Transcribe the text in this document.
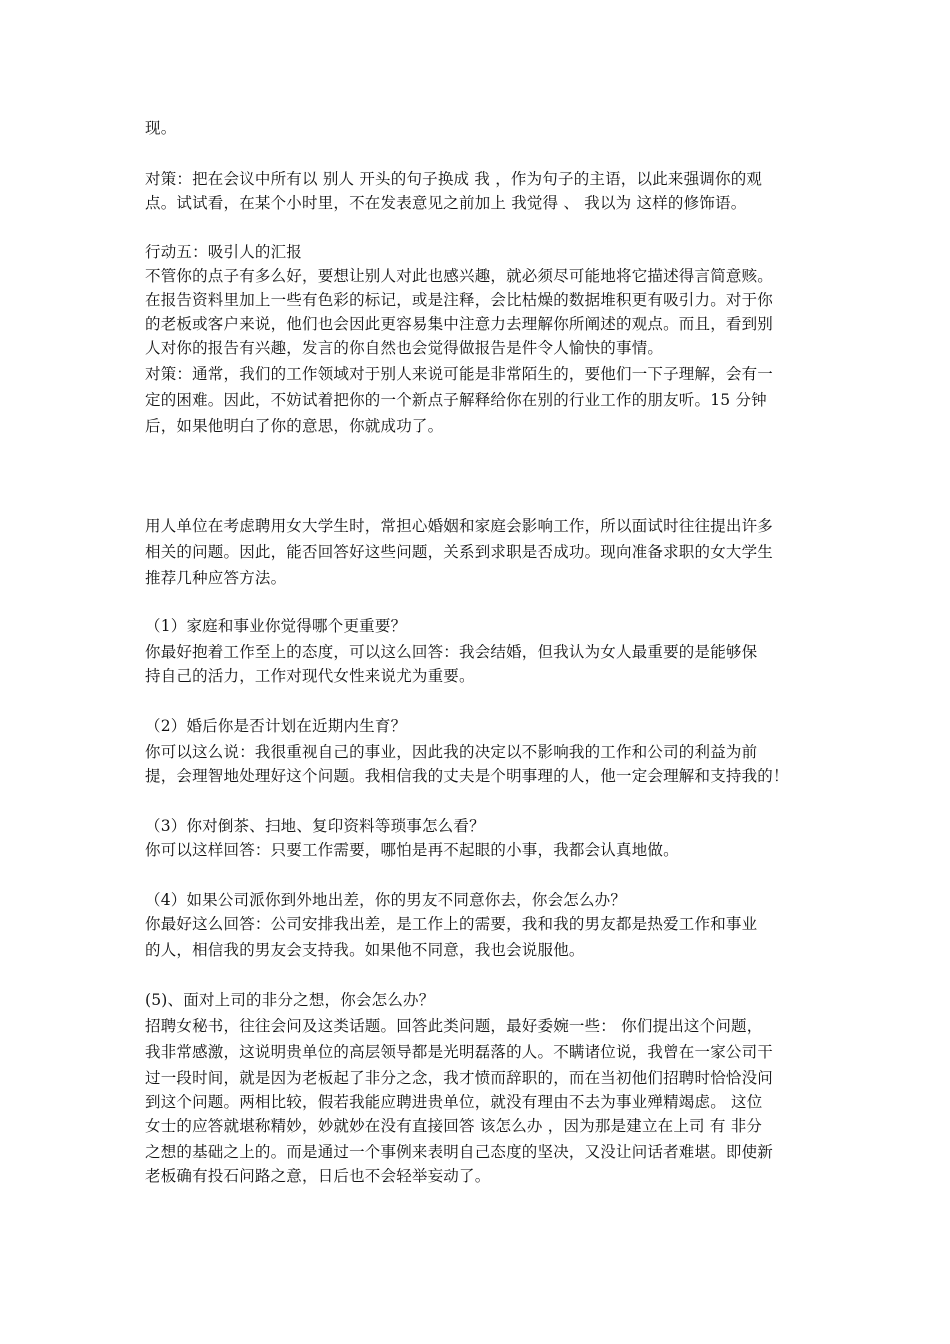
现。
对策：把在会议中所有以 别人 开头的句子换成 我 ，作为句子的主语，以此来强调你的观
点。试试看，在某个小时里，不在发表意见之前加上 我觉得 、 我以为 这样的修饰语。
行动五：吸引人的汇报
不管你的点子有多么好，要想让别人对此也感兴趣，就必须尽可能地将它描述得言简意赅。
在报告资料里加上一些有色彩的标记，或是注释，会比枯燥的数据堆积更有吸引力。对于你
的老板或客户来说，他们也会因此更容易集中注意力去理解你所阐述的观点。而且，看到别
人对你的报告有兴趣，发言的你自然也会觉得做报告是件令人愉快的事情。
对策：通常，我们的工作领域对于别人来说可能是非常陌生的，要他们一下子理解，会有一
定的困难。因此，不妨试着把你的一个新点子解释给你在别的行业工作的朋友听。15 分钟
后，如果他明白了你的意思，你就成功了。
用人单位在考虑聘用女大学生时，常担心婚姻和家庭会影响工作，所以面试时往往提出许多
相关的问题。因此，能否回答好这些问题，关系到求职是否成功。现向准备求职的女大学生
推荐几种应答方法。
（1）家庭和事业你觉得哪个更重要？
你最好抱着工作至上的态度，可以这么回答：我会结婚，但我认为女人最重要的是能够保
持自己的活力，工作对现代女性来说尤为重要。
（2）婚后你是否计划在近期内生育？
你可以这么说：我很重视自己的事业，因此我的决定以不影响我的工作和公司的利益为前
提，会理智地处理好这个问题。我相信我的丈夫是个明事理的人，他一定会理解和支持我的！
（3）你对倒茶、扫地、复印资料等琐事怎么看？
你可以这样回答：只要工作需要，哪怕是再不起眼的小事，我都会认真地做。
（4）如果公司派你到外地出差，你的男友不同意你去，你会怎么办？
你最好这么回答：公司安排我出差，是工作上的需要，我和我的男友都是热爱工作和事业
的人，相信我的男友会支持我。如果他不同意，我也会说服他。
(5)、面对上司的非分之想，你会怎么办？
招聘女秘书，往往会问及这类话题。回答此类问题，最好委婉一些： 你们提出这个问题，
我非常感激，这说明贵单位的高层领导都是光明磊落的人。不瞒诸位说，我曾在一家公司干
过一段时间，就是因为老板起了非分之念，我才愤而辞职的，而在当初他们招聘时恰恰没问
到这个问题。两相比较，假若我能应聘进贵单位，就没有理由不去为事业殚精竭虑。 这位
女士的应答就堪称精妙，妙就妙在没有直接回答 该怎么办 ，因为那是建立在上司 有 非分
之想的基础之上的。而是通过一个事例来表明自己态度的坚决，又没让问话者难堪。即使新
老板确有投石问路之意，日后也不会轻举妄动了。
